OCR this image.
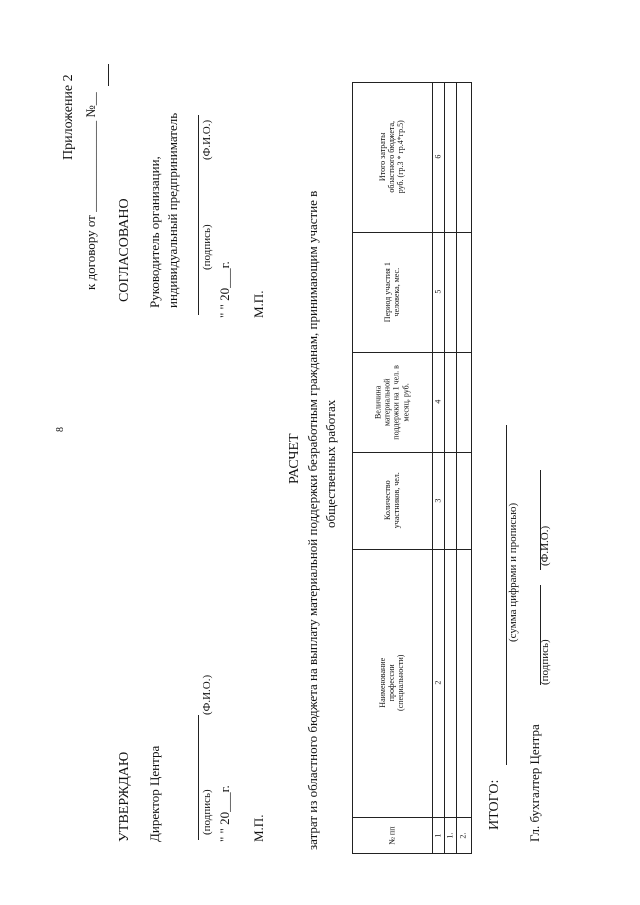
8
Приложение 2 к договору от ______________ №__
УТВЕРЖДАЮ Директор Центра	(подпись)
(Ф.И.О.)
" " 20___г. М.П.
СОГЛАСОВАНО Руководитель организации, индивидуальный предприниматель (подпись)
(Ф.И.О.)
" " 20___г. М.П.
РАСЧЕТ затрат из областного бюджета на выплату материальной поддержки безработным гражданам, принимающим участие в общественных работах
№ пп
Наименование профессии (специальности)
Количество участников, чел.
Величина материальной поддержки на 1 чел. в месяц, руб.
Период участия 1 человека, мес.
Итого затраты областного бюджета, руб. (гр.3 * гр.4*гр.5)
1
2
3
4
5
6
1. 2.
ИТОГО:
(сумма цифрами и прописью)
Гл. бухгалтер Центра
(подпись)
(Ф.И.О.)
